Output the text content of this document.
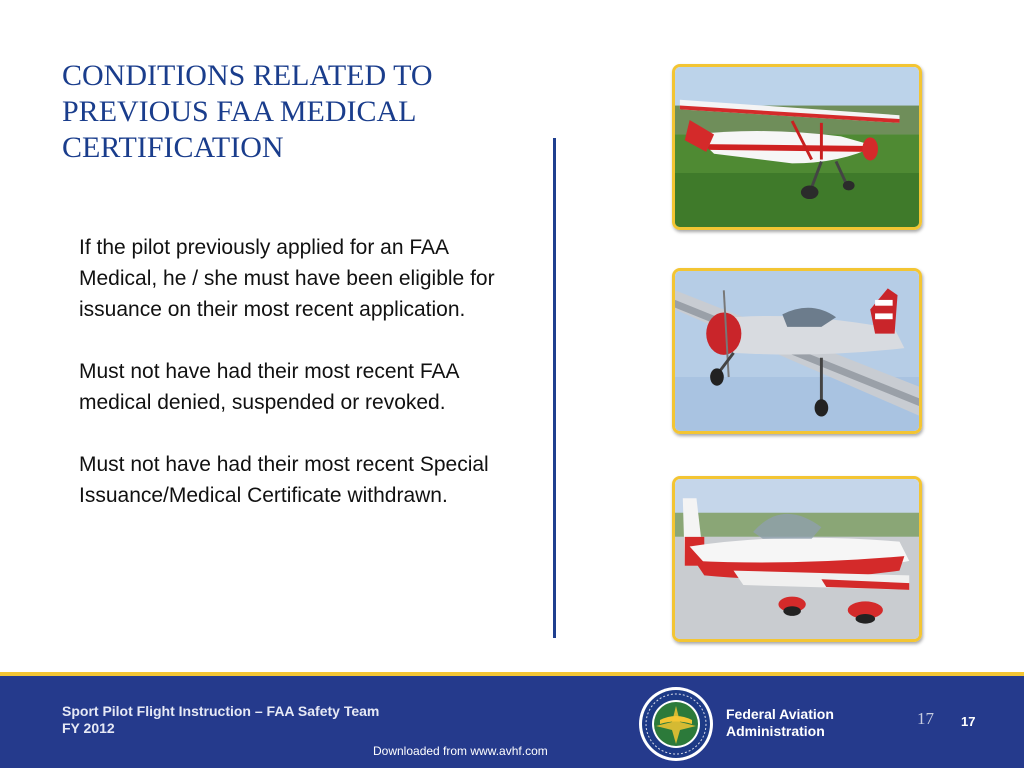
CONDITIONS RELATED TO PREVIOUS FAA MEDICAL CERTIFICATION

If the pilot previously applied for an FAA Medical, he / she must have been eligible for issuance on their most recent application.

Must not have had their most recent FAA medical denied, suspended or revoked.

Must not have had their most recent Special Issuance/Medical Certificate withdrawn.

Sport Pilot Flight Instruction – FAA Safety Team
FY 2012
Federal Aviation
Administration
17 17
Downloaded from www.avhf.com
